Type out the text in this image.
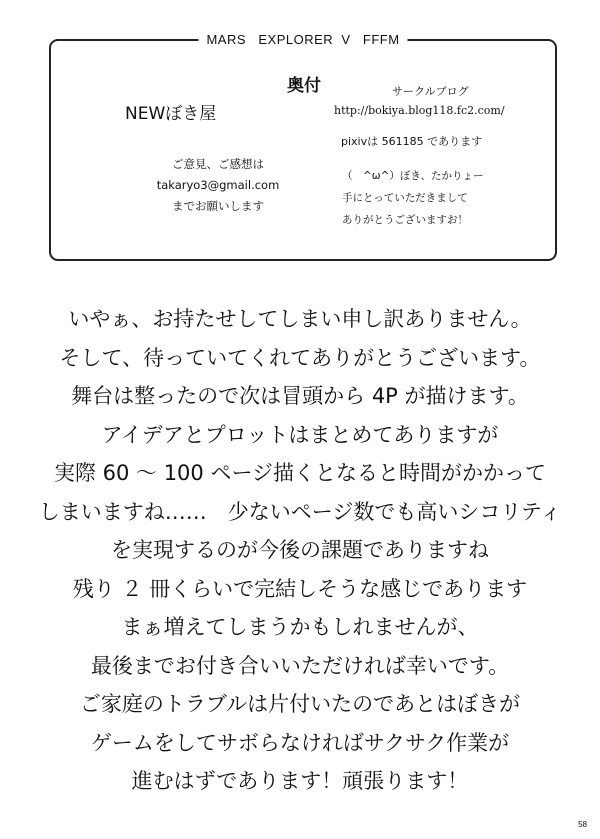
MARS   EXPLORER  V   FFFM
NEWぼき屋
奥付	サークルブログ
http://bokiya.blog118.fc2.com/
pixivは 561185 であります
ご意見、ご感想は
takaryo3@gmail.com
までお願いします
（　^ω^）ぼき、たかりょー
手にとっていただきまして
ありがとうございますお！
いやぁ、お持たせしてしまい申し訳ありません。
そして、待っていてくれてありがとうございます。
舞台は整ったので次は冒頭から 4P が描けます。
アイデアとプロットはまとめてありますが
実際 60 ～ 100 ページ描くとなると時間がかかって
しまいますね……　少ないページ数でも高いシコリティ
を実現するのが今後の課題でありますね
残り ２ 冊くらいで完結しそうな感じであります
まぁ増えてしまうかもしれませんが、
最後までお付き合いいただければ幸いです。
ご家庭のトラブルは片付いたのであとはぼきが
ゲームをしてサボらなければサクサク作業が
進むはずであります！頑張ります！
58
